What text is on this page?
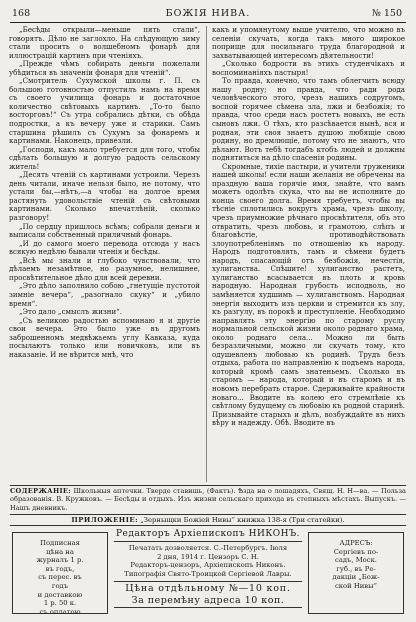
168	БОЖІЯ НИВА.	№ 150

„Бесѣды открыли—меньше пять стали“, говорятъ. Дѣло не заглохло. На слѣдующую зиму стали просить о волшебномъ фонарѣ для иллюстрацій картинъ при чтеніяхъ.

„Прежде чѣмъ собирать деньги пожелали убѣдиться въ значеніи фонаря для чтеній“.

„Смотритель Сухумской школы г. П. съ большою готовностью отпустилъ намъ на время съ своего училища фонарь и достаточное количество свѣтовыхъ картинъ. „То-то было восторговъ!“ Съ утра собрались дѣтки, съ обѣда подростки, а къ вечеру уже и старики. Самъ старшина рѣшилъ съ Сухумъ за фонаремъ и картинами. Наконецъ, привезли.

„Господи, какъ мало требуется для того, чтобы сдѣлать большую и долгую радость сельскому житель!

„Десять чтеній съ картинами устроили. Черезъ день читали, иначе нельзя было, не потому, что устали бы,—нѣтъ,—а чтобы на долгое время растянуть удовольствіе чтеній съ свѣтовыми картинами. Сколько впечатлѣній, сколько разговору!

„По сердцу пришлось всѣмъ; собрали деньги и выписали собственный приличный фонарь.

„И до самого моего перевода отсюда у насъ всякую недѣлю бывали чтенія и бесѣды.

„Всѣ мы знали и глубоко чувствовали, что дѣлаемъ незамѣтное, но разумное, нелишнее, просвѣтительное дѣло для всей деревни.

„Это дѣло заполнило собою „гнетущіе пустотой зимніе вечера“, „разогнало скуку“ и „убило время“.

„Это дало „смыслъ жизни“.

„Съ великою радостью вспоминаю я и другіе свои вечера. Это было уже въ другомъ заброшенномъ медвѣжьемъ углу Кавказа, куда посылаютъ только или новичковъ, или въ наказаніе. И не вѣрится мнѣ, что

какъ и упомянутому выше учителю, что можно въ селеніи скучать, когда такъ много широкое поприще для посильнаго труда благородной и захватывающей интересомъ дѣятельности!

„Сколько бодрости въ этихъ студенчікахъ и воспоминаніяхъ пастыря!

То правда, конечно, что тамъ облегчить всюду нашу родну; но правда, что ради рода человѣческого этого, чрезъ нашихъ содругомъ, воспой горячее сѣмена зла, лжи и безбожія; то правда, чтоо среди насъ ростетъ новыхъ, не есть сыновъ лжи. О тѣхъ, кто разсѣвается нынѣ, вся и родная, эти своя знаетъ душою любящіе свою родину, но дремлющіе, потому что не знаютъ, что дѣлают. Вотъ тебѣ тогдабъ ктобъ людей и должны поднятиться на дѣло спасенія родины.

Скромные, тихіе пастыри, и учители труженики нашей школы! если наши желанія не обречены на праздную ваша горячіе имя, знайте, что вамъ можетъ одолѣть скука, что вы не исполните до конца своего долга. Время требуетъ, чтобы вы тѣсніе сплотились вокругъ храма, чрезъ школу, чрезъ приумножие рѣчнаго просвѣтителя, объ это отвратить, чрезъ любовь, и грамотою, слѣпъ и благовѣстіе, противодѣйствовать злоупотребленіямъ по отношенію къ народу. Народъ подготовлять, тамъ и сѣмени будетъ народъ, спасающій отъ безбожія, нечестія, хулиганства. Спѣшите! хулиганство растетъ, хулиганство всасывается въ плоть и кровь народную. Народная грубость исподволь, но замѣняется худшимъ — хулиганствомъ. Народная энергія выходитъ изъ церкви и стремится къ злу, къ разгулу, въ порокѣ и преступленіе. Необходимо направлять эту энергію по старому руслу нормальной сельской жизни около роднаго храма, около роднаго села... Можно ли быть безразличными, можно ли скучать тому, кто одушевленъ любовью къ родинѣ. Трудъ безъ отдыха, работа по направленію к подъемъ народа, который кромѣ самъ знатеньемъ. Сколько въ старомъ — народа, который и въ старомъ и въ новомъ перебрать старое. Сдерживайте крайности новаго... Вводите въ колею его стремлѣніе къ свѣтлому будущему съ любовію къ родной старинѣ. Призывайте старыхъ и дѣлъ, возбуждайте въ нихъ вѣру и надежду. Обѣ. Вводите въ

СОДЕРЖАНІЕ: Школьныя аптечки. Тверде ставишь, (Фактъ). Ѣзда на о лошадяхъ, Свящ. Н. Н—ва. — Польза образованія. В. Кружковъ. — Бесѣды и отдыхъ. Изъ жизни сельскаго прихода въ степныхъ мѣстахъ. Выпускъ. — Нашъ дневникъ.
ПРИЛОЖЕНІЕ: „Зерныщки Божіей Нивы“ книжка 138-я (Три статейки).
Подписная
цѣна на
журналъ 1 р.
въ годъ,
съ перес. въ
годъ
и доставкою
1 р. 50 к.
съ оплатою
Редакторъ Архіепископъ НИКОНЪ.
Печатать дозволяется. С.-Петербургъ. Іюля
2 дня, 1914 г. Цензоръ С. Н.
Редакторъ-цензоръ, Архіепископъ Никонъ.
Типографія Свято-Троицкой Сергіевой Лавры.
Цѣна отдѣльному №—10 коп.
За перемѣну адреса 10 коп.
АДРЕСЪ:
Сергіевъ по-
садъ, Моск.
губ., въ Ре-
дакціи „Бож-
ской Нивы“
